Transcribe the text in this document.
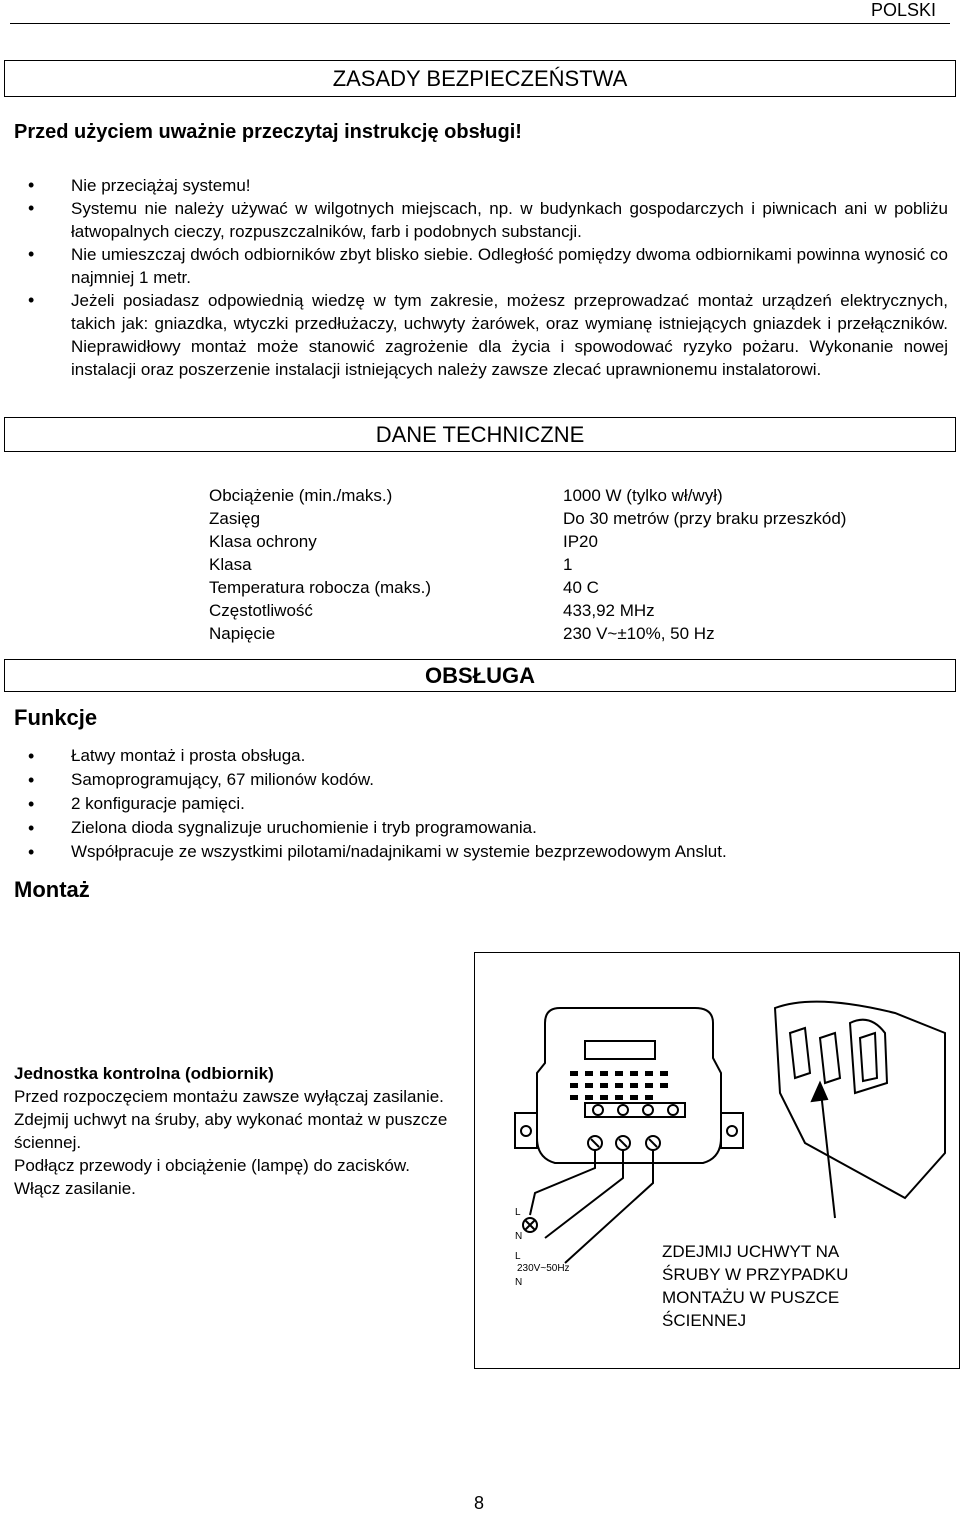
POLSKI
ZASADY BEZPIECZEŃSTWA
Przed użyciem uważnie przeczytaj instrukcję obsługi!
• Nie przeciążaj systemu!
• Systemu nie należy używać w wilgotnych miejscach, np. w budynkach gospodarczych i piwnicach ani w pobliżu łatwopalnych cieczy, rozpuszczalników, farb i podobnych substancji.
• Nie umieszczaj dwóch odbiorników zbyt blisko siebie. Odległość pomiędzy dwoma odbiornikami powinna wynosić co najmniej 1 metr.
• Jeżeli posiadasz odpowiednią wiedzę w tym zakresie, możesz przeprowadzać montaż urządzeń elektrycznych, takich jak: gniazdka, wtyczki przedłużaczy, uchwyty żarówek, oraz wymianę istniejących gniazdek i przełączników. Nieprawidłowy montaż może stanowić zagrożenie dla życia i spowodować ryzyko pożaru. Wykonanie nowej instalacji oraz poszerzenie instalacji istniejących należy zawsze zlecać uprawnionemu instalatorowi.
DANE TECHNICZNE
Obciążenie (min./maks.)	1000 W (tylko wł/wył)
Zasięg	Do 30 metrów (przy braku przeszkód)
Klasa ochrony	IP20
Klasa	1
Temperatura robocza (maks.)	40 C
Częstotliwość	433,92 MHz
Napięcie	230 V~±10%, 50 Hz
OBSŁUGA
Funkcje
• Łatwy montaż i prosta obsługa.
• Samoprogramujący, 67 milionów kodów.
• 2 konfiguracje pamięci.
• Zielona dioda sygnalizuje uruchomienie i tryb programowania.
• Współpracuje ze wszystkimi pilotami/nadajnikami w systemie bezprzewodowym Anslut.
Montaż
Jednostka kontrolna (odbiornik)
Przed rozpoczęciem montażu zawsze wyłączaj zasilanie.
Zdejmij uchwyt na śruby, aby wykonać montaż w puszcze ściennej.
Podłącz przewody i obciążenie (lampę) do zacisków.
Włącz zasilanie.
L
N
L
230V~50Hz
N
ZDEJMIJ UCHWYT NA
ŚRUBY W PRZYPADKU
MONTAŻU W PUSZCE
ŚCIENNEJ
8
